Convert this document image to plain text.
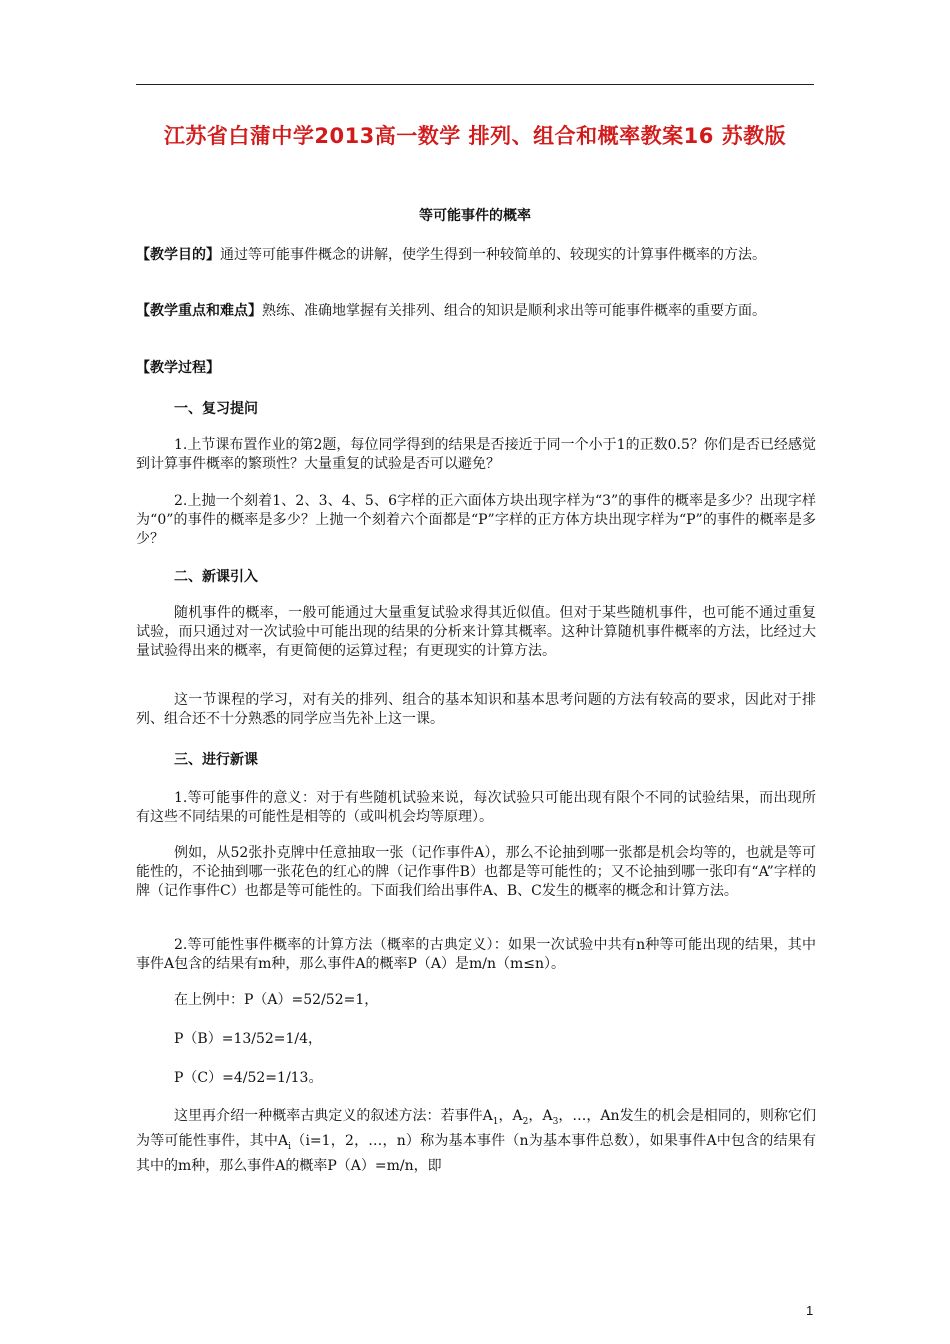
江苏省白蒲中学2013高一数学 排列、组合和概率教案16 苏教版
等可能事件的概率

【教学目的】通过等可能事件概念的讲解，使学生得到一种较简单的、较现实的计算事件概率的方法。

【教学重点和难点】熟练、准确地掌握有关排列、组合的知识是顺利求出等可能事件概率的重要方面。

【教学过程】

一、复习提问

1.上节课布置作业的第2题，每位同学得到的结果是否接近于同一个小于1的正数0.5？你们是否已经感觉到计算事件概率的繁琐性？大量重复的试验是否可以避免？

2.上抛一个刻着1、2、3、4、5、6字样的正六面体方块出现字样为“3”的事件的概率是多少？出现字样为“0”的事件的概率是多少？上抛一个刻着六个面都是“P”字样的正方体方块出现字样为“P”的事件的概率是多少？

二、新课引入

随机事件的概率，一般可能通过大量重复试验求得其近似值。但对于某些随机事件，也可能不通过重复试验，而只通过对一次试验中可能出现的结果的分析来计算其概率。这种计算随机事件概率的方法，比经过大量试验得出来的概率，有更简便的运算过程；有更现实的计算方法。

这一节课程的学习，对有关的排列、组合的基本知识和基本思考问题的方法有较高的要求，因此对于排列、组合还不十分熟悉的同学应当先补上这一课。

三、进行新课

1.等可能事件的意义：对于有些随机试验来说，每次试验只可能出现有限个不同的试验结果，而出现所有这些不同结果的可能性是相等的（或叫机会均等原理）。

例如，从52张扑克牌中任意抽取一张（记作事件A），那么不论抽到哪一张都是机会均等的，也就是等可能性的，不论抽到哪一张花色的红心的牌（记作事件B）也都是等可能性的；又不论抽到哪一张印有“A”字样的牌（记作事件C）也都是等可能性的。下面我们给出事件A、B、C发生的概率的概念和计算方法。

2.等可能性事件概率的计算方法（概率的古典定义）：如果一次试验中共有n种等可能出现的结果，其中事件A包含的结果有m种，那么事件A的概率P（A）是m/n（m≤n）。

在上例中：P（A）=52/52=1，

P（B）=13/52=1/4，

P（C）=4/52=1/13。

这里再介绍一种概率古典定义的叙述方法：若事件$A_1$，$A_2$，$A_3$，…，An发生的机会是相同的，则称它们为等可能性事件，其中$A_i(i=1$，2，…，n）称为基本事件（n为基本事件总数），如果事件A中包含的结果有其中的m种，那么事件A的概率P（A）=m/n，即

1
